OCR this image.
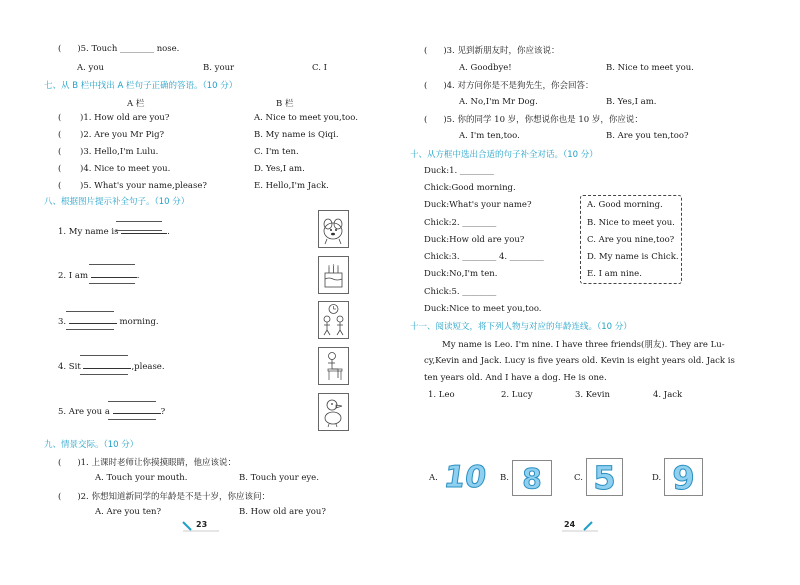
( )5. Touch ________ nose.
A. you	B. your	C. I
七、从 B 栏中找出 A 栏句子正确的答语。（10 分）
A 栏	B 栏
( )1. How old are you?	A. Nice to meet you,too.
( )2. Are you Mr Pig?	B. My name is Qiqi.
( )3. Hello,I'm Lulu.	C. I'm ten.
( )4. Nice to meet you.	D. Yes,I am.
( )5. What's your name,please?	E. Hello,I'm Jack.
八、根据图片提示补全句子。（10 分）
1. My name is	.
2. I am	.
3.	morning.
4. Sit	,please.
5. Are you a	?
九、情景交际。（10 分）
( )1. 上课时老师让你摸摸眼睛，他应该说：
A. Touch your mouth.	B. Touch your eye.
( )2. 你想知道新同学的年龄是不是十岁，你应该问：
A. Are you ten?	B. How old are you?
23
( )3. 见到新朋友时，你应该说：
A. Goodbye!	B. Nice to meet you.
( )4. 对方问你是不是狗先生，你会回答：
A. No,I'm Mr Dog.	B. Yes,I am.
( )5. 你的同学 10 岁，你想说你也是 10 岁，你应说：
A. I'm ten,too.	B. Are you ten,too?
十、从方框中选出合适的句子补全对话。（10 分）
Duck:1. ________
Chick:Good morning.
Duck:What's your name?
Chick:2. ________
Duck:How old are you?
Chick:3. ________ 4. ________
Duck:No,I'm ten.
Chick:5. ________
Duck:Nice to meet you,too.
A. Good morning.
B. Nice to meet you.
C. Are you nine,too?
D. My name is Chick.
E. I am nine.
十一、阅读短文，将下列人物与对应的年龄连线。（10 分）
My name is Leo. I'm nine. I have three friends(朋友). They are Lu-
cy,Kevin and Jack. Lucy is five years old. Kevin is eight years old. Jack is
ten years old. And I have a dog. He is one.
1. Leo	2. Lucy	3. Kevin	4. Jack
A. 10	B. 8	C. 5	D. 9
24
